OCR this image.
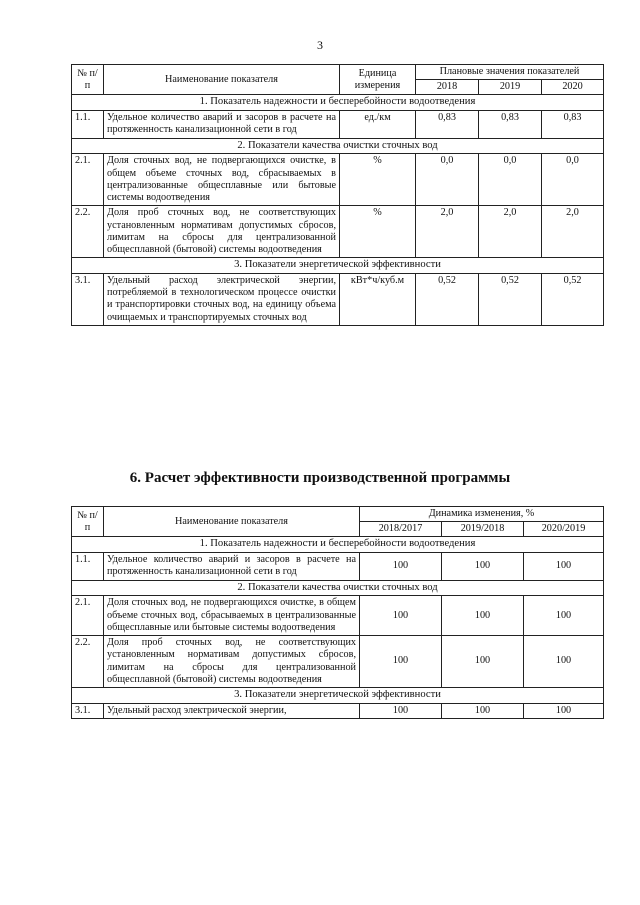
3
№ п/п	Наименование показателя	Единица измерения	Плановые значения показателей		
			2018	2019	2020
1. Показатель надежности и бесперебойности водоотведения					
1.1.	Удельное количество аварий и засоров в расчете на протяженность канализационной сети в год	ед./км	0,83	0,83	0,83
2. Показатели качества очистки сточных вод					
2.1.	Доля сточных вод, не подвергающихся очистке, в общем объеме сточных вод, сбрасываемых в централизованные общесплавные или бытовые системы водоотведения	%	0,0	0,0	0,0
2.2.	Доля проб сточных вод, не соответствующих установленным нормативам допустимых сбросов, лимитам на сбросы для централизованной общесплавной (бытовой) системы водоотведения	%	2,0	2,0	2,0
3. Показатели энергетической эффективности					
3.1.	Удельный расход электрической энергии, потребляемой в технологическом процессе очистки и транспортировки сточных вод, на единицу объема очищаемых и транспортируемых сточных вод	кВт*ч/куб.м	0,52	0,52	0,52
6. Расчет эффективности производственной программы
№ п/п	Наименование показателя	Динамика изменения, %		
		2018/2017	2019/2018	2020/2019
1. Показатель надежности и бесперебойности водоотведения				
1.1.	Удельное количество аварий и засоров в расчете на протяженность канализационной сети в год	100	100	100
2. Показатели качества очистки сточных вод				
2.1.	Доля сточных вод, не подвергающихся очистке, в общем объеме сточных вод, сбрасываемых в централизованные общесплавные или бытовые системы водоотведения	100	100	100
2.2.	Доля проб сточных вод, не соответствующих установленным нормативам допустимых сбросов, лимитам на сбросы для централизованной общесплавной (бытовой) системы водоотведения	100	100	100
3. Показатели энергетической эффективности				
3.1.	Удельный расход электрической энергии,	100	100	100
